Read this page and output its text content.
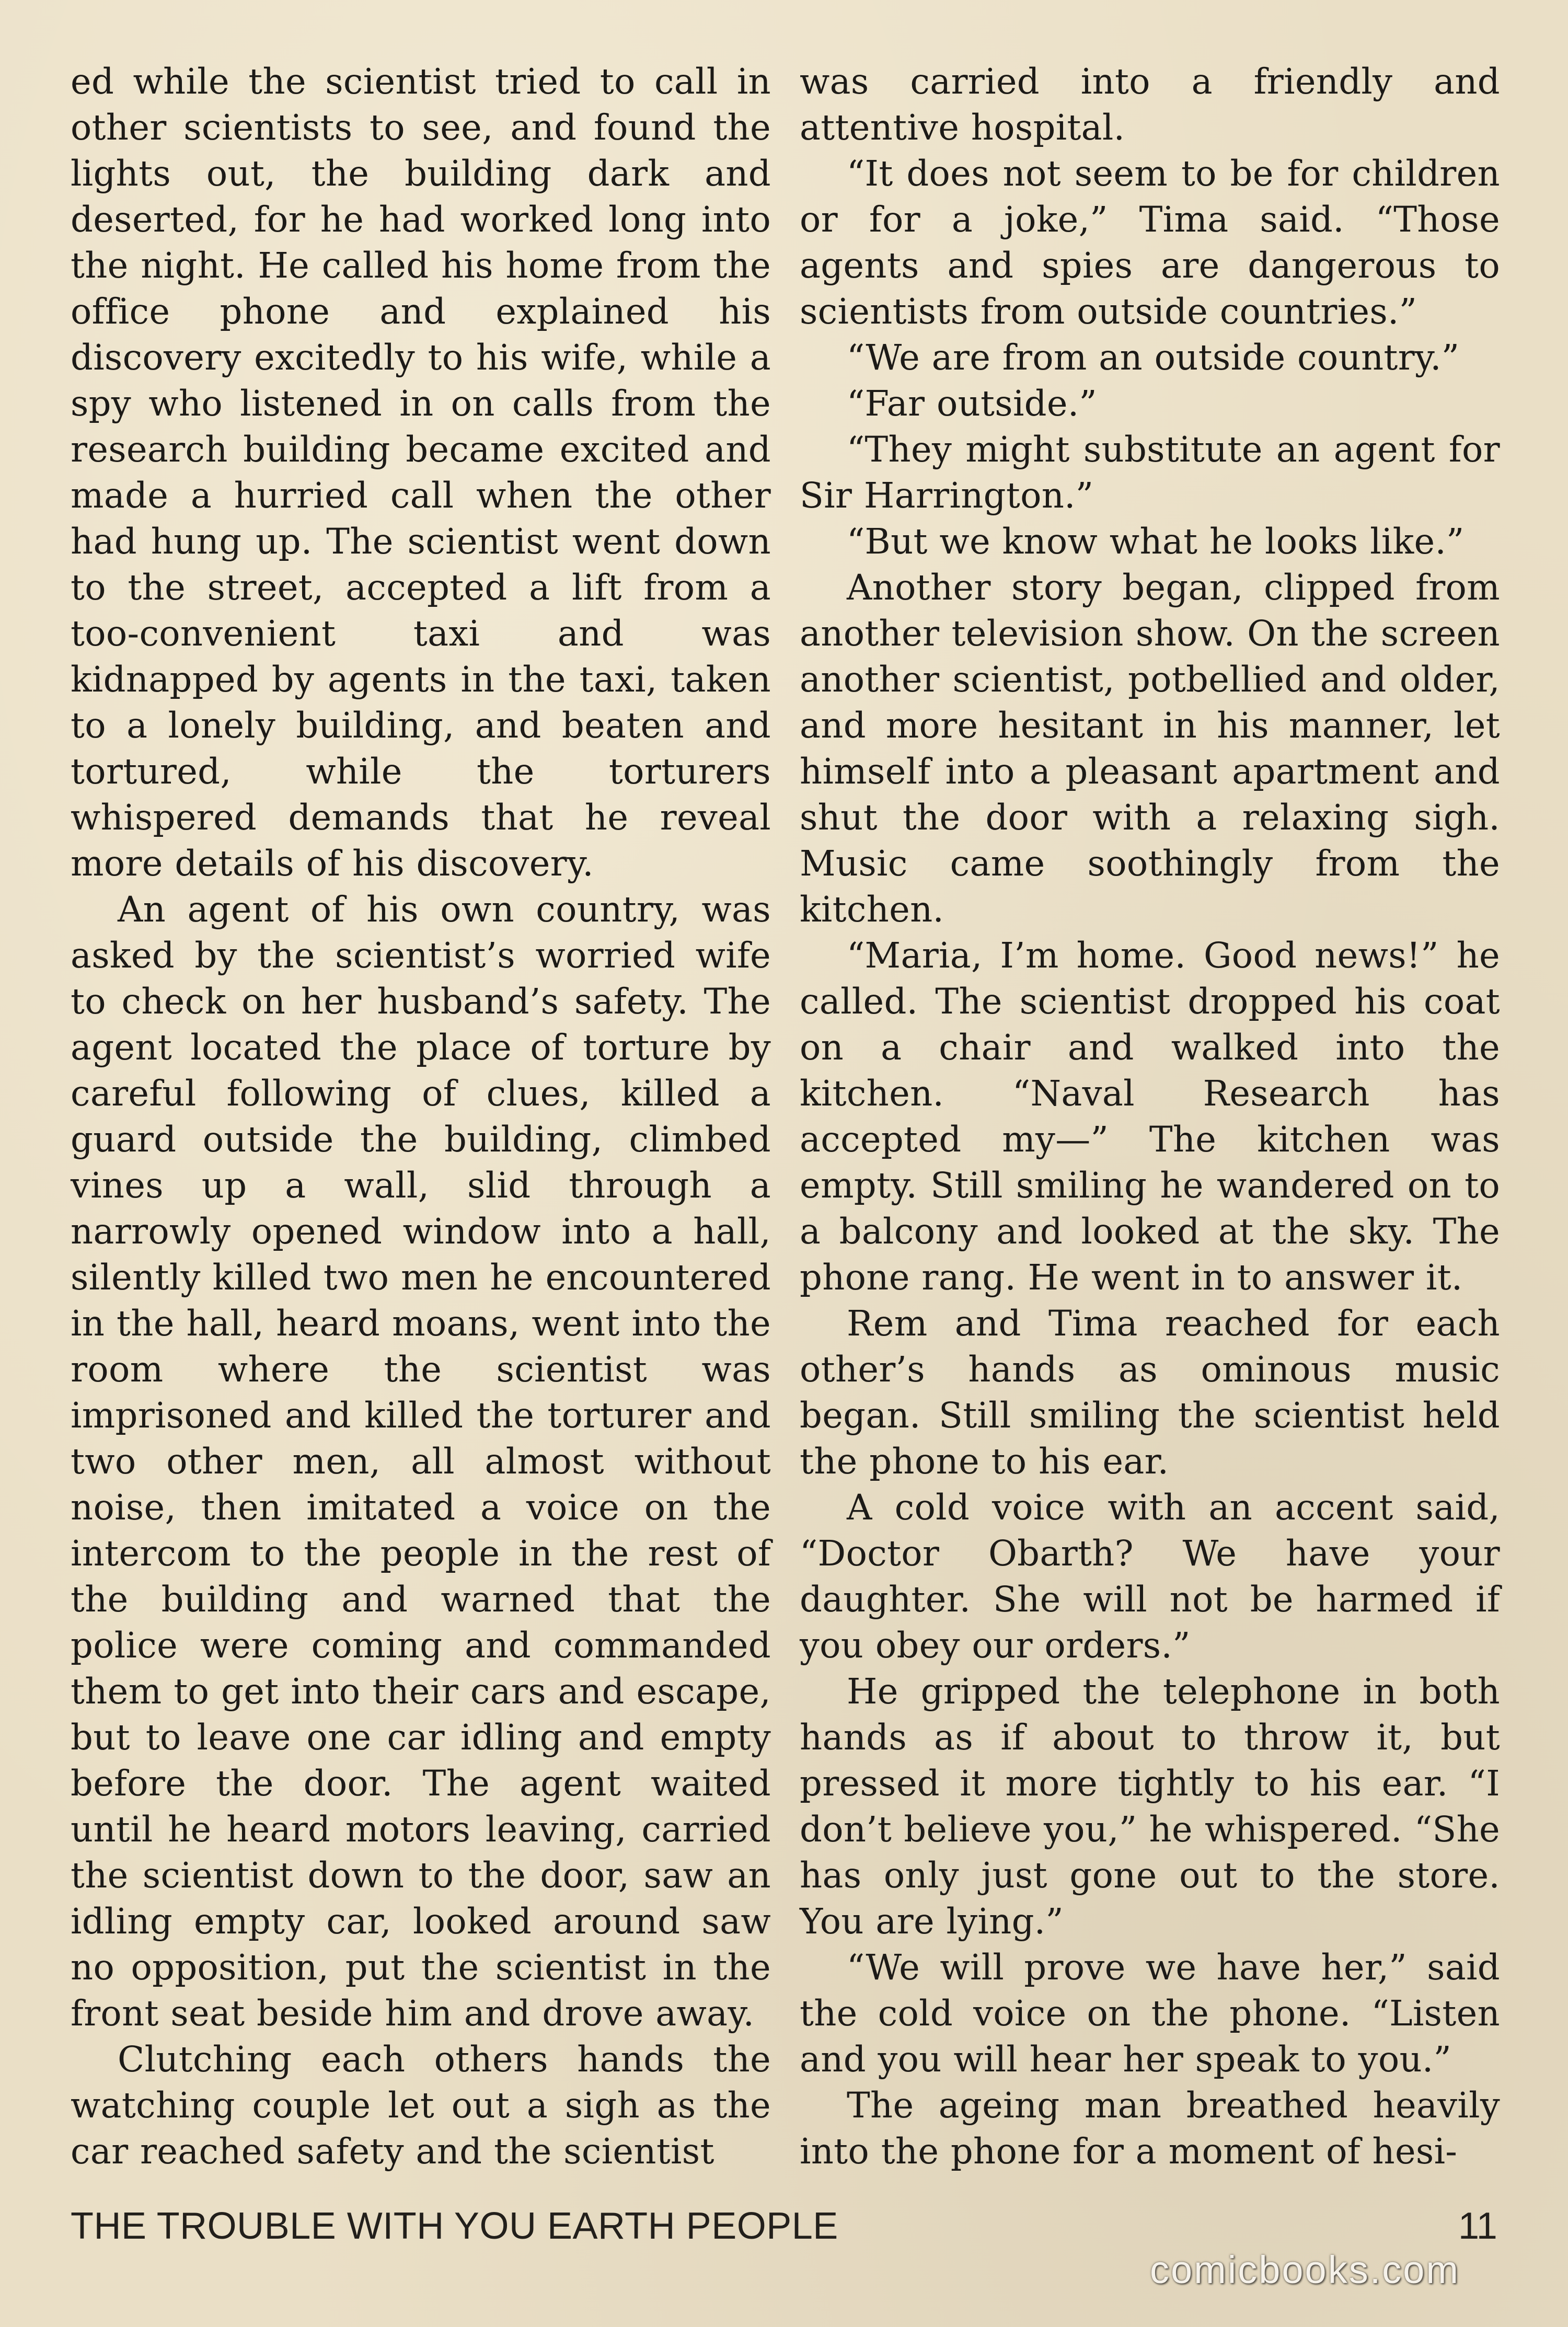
ed while the scientist tried to call in other scientists to see, and found the lights out, the building dark and deserted, for he had worked long into the night. He called his home from the office phone and explained his discovery excitedly to his wife, while a spy who listened in on calls from the research building became excited and made a hurried call when the other had hung up. The scientist went down to the street, accepted a lift from a too-convenient taxi and was kidnapped by agents in the taxi, taken to a lonely building, and beaten and tortured, while the torturers whispered demands that he reveal more details of his discovery.

An agent of his own country, was asked by the scientist’s worried wife to check on her husband’s safety. The agent located the place of torture by careful following of clues, killed a guard outside the building, climbed vines up a wall, slid through a narrowly opened window into a hall, silently killed two men he encountered in the hall, heard moans, went into the room where the scientist was imprisoned and killed the torturer and two other men, all almost without noise, then imitated a voice on the intercom to the people in the rest of the building and warned that the police were coming and commanded them to get into their cars and escape, but to leave one car idling and empty before the door. The agent waited until he heard motors leaving, carried the scientist down to the door, saw an idling empty car, looked around saw no opposition, put the scientist in the front seat beside him and drove away.

Clutching each others hands the watching couple let out a sigh as the car reached safety and the scientist

was carried into a friendly and attentive hospital.

“It does not seem to be for children or for a joke,” Tima said. “Those agents and spies are dangerous to scientists from outside countries.”

“We are from an outside country.”

“Far outside.”

“They might substitute an agent for Sir Harrington.”

“But we know what he looks like.”

Another story began, clipped from another television show. On the screen another scientist, potbellied and older, and more hesitant in his manner, let himself into a pleasant apartment and shut the door with a relaxing sigh. Music came soothingly from the kitchen.

“Maria, I’m home. Good news!” he called. The scientist dropped his coat on a chair and walked into the kitchen. “Naval Research has accepted my—” The kitchen was empty. Still smiling he wandered on to a balcony and looked at the sky. The phone rang. He went in to answer it.

Rem and Tima reached for each other’s hands as ominous music began. Still smiling the scientist held the phone to his ear.

A cold voice with an accent said, “Doctor Obarth? We have your daughter. She will not be harmed if you obey our orders.”

He gripped the telephone in both hands as if about to throw it, but pressed it more tightly to his ear. “I don’t believe you,” he whispered. “She has only just gone out to the store. You are lying.”

“We will prove we have her,” said the cold voice on the phone. “Listen and you will hear her speak to you.”

The ageing man breathed heavily into the phone for a moment of hesi-

THE TROUBLE WITH YOU EARTH PEOPLE	11
comicbooks.com
